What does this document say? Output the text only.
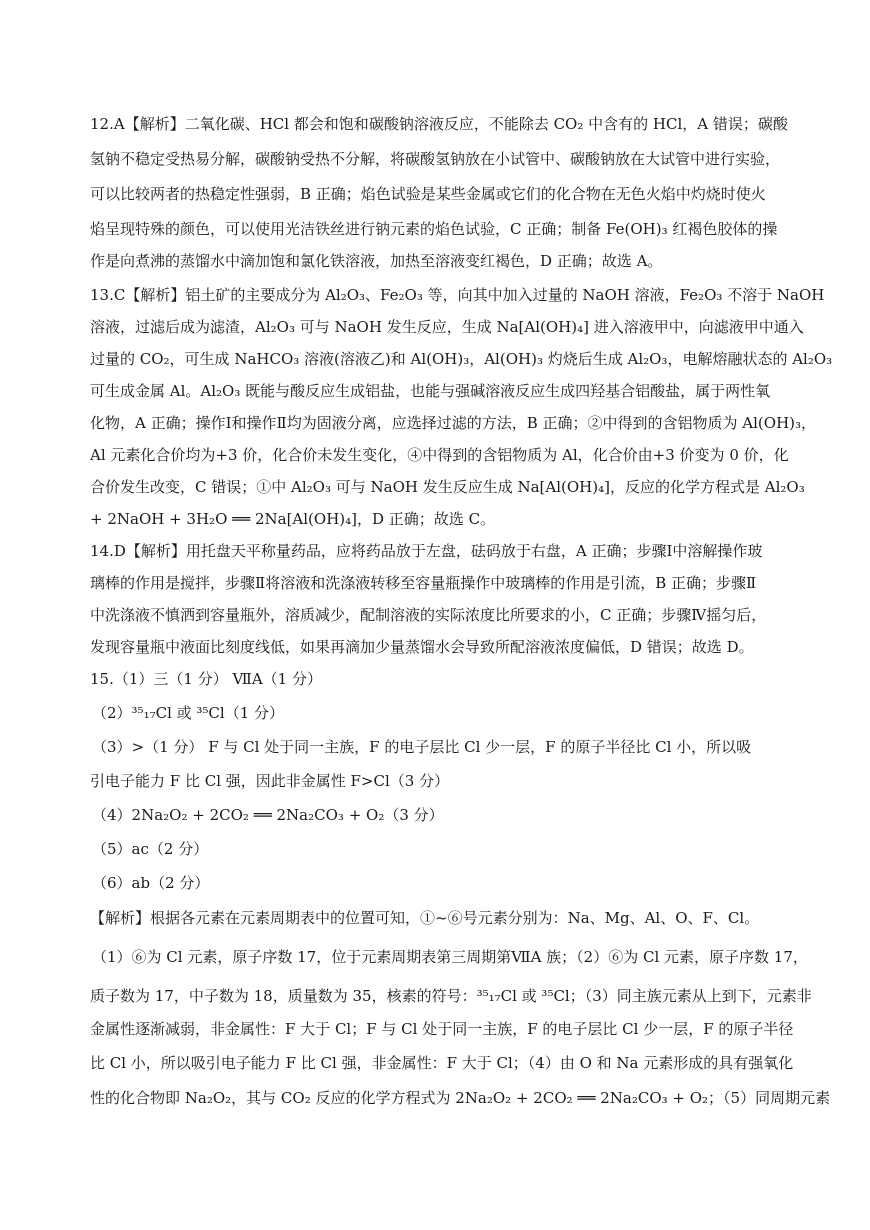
12.A【解析】二氧化碳、HCl 都会和饱和碳酸钠溶液反应，不能除去 CO₂ 中含有的 HCl，A 错误；碳酸
氢钠不稳定受热易分解，碳酸钠受热不分解，将碳酸氢钠放在小试管中、碳酸钠放在大试管中进行实验，
可以比较两者的热稳定性强弱，B 正确；焰色试验是某些金属或它们的化合物在无色火焰中灼烧时使火
焰呈现特殊的颜色，可以使用光洁铁丝进行钠元素的焰色试验，C 正确；制备 Fe(OH)₃ 红褐色胶体的操
作是向煮沸的蒸馏水中滴加饱和氯化铁溶液，加热至溶液变红褐色，D 正确；故选 A。
13.C【解析】铝土矿的主要成分为 Al₂O₃、Fe₂O₃ 等，向其中加入过量的 NaOH 溶液，Fe₂O₃ 不溶于 NaOH
溶液，过滤后成为滤渣，Al₂O₃ 可与 NaOH 发生反应，生成 Na[Al(OH)₄] 进入溶液甲中，向滤液甲中通入
过量的 CO₂，可生成 NaHCO₃ 溶液(溶液乙)和 Al(OH)₃，Al(OH)₃ 灼烧后生成 Al₂O₃，电解熔融状态的 Al₂O₃
可生成金属 Al。Al₂O₃ 既能与酸反应生成铝盐，也能与强碱溶液反应生成四羟基合铝酸盐，属于两性氧
化物，A 正确；操作Ⅰ和操作Ⅱ均为固液分离，应选择过滤的方法，B 正确；②中得到的含铝物质为 Al(OH)₃，
Al 元素化合价均为+3 价，化合价未发生变化，④中得到的含铝物质为 Al，化合价由+3 价变为 0 价，化
合价发生改变，C 错误；①中 Al₂O₃ 可与 NaOH 发生反应生成 Na[Al(OH)₄]，反应的化学方程式是 Al₂O₃
+ 2NaOH + 3H₂O ══ 2Na[Al(OH)₄]，D 正确；故选 C。
14.D【解析】用托盘天平称量药品，应将药品放于左盘，砝码放于右盘，A 正确；步骤Ⅰ中溶解操作玻
璃棒的作用是搅拌，步骤Ⅱ将溶液和洗涤液转移至容量瓶操作中玻璃棒的作用是引流，B 正确；步骤Ⅱ
中洗涤液不慎洒到容量瓶外，溶质减少，配制溶液的实际浓度比所要求的小，C 正确；步骤Ⅳ摇匀后，
发现容量瓶中液面比刻度线低，如果再滴加少量蒸馏水会导致所配溶液浓度偏低，D 错误；故选 D。
15.（1）三（1 分） ⅦA（1 分）
（2）³⁵₁₇Cl 或 ³⁵Cl（1 分）
（3）>（1 分） F 与 Cl 处于同一主族，F 的电子层比 Cl 少一层，F 的原子半径比 Cl 小，所以吸
引电子能力 F 比 Cl 强，因此非金属性 F>Cl（3 分）
（4）2Na₂O₂ + 2CO₂ ══ 2Na₂CO₃ + O₂（3 分）
（5）ac（2 分）
（6）ab（2 分）
【解析】根据各元素在元素周期表中的位置可知，①~⑥号元素分别为：Na、Mg、Al、O、F、Cl。
（1）⑥为 Cl 元素，原子序数 17，位于元素周期表第三周期第ⅦA 族；（2）⑥为 Cl 元素，原子序数 17，
质子数为 17，中子数为 18，质量数为 35，核素的符号：³⁵₁₇Cl 或 ³⁵Cl；（3）同主族元素从上到下，元素非
金属性逐渐减弱，非金属性：F 大于 Cl；F 与 Cl 处于同一主族，F 的电子层比 Cl 少一层，F 的原子半径
比 Cl 小，所以吸引电子能力 F 比 Cl 强，非金属性：F 大于 Cl；（4）由 O 和 Na 元素形成的具有强氧化
性的化合物即 Na₂O₂，其与 CO₂ 反应的化学方程式为 2Na₂O₂ + 2CO₂ ══ 2Na₂CO₃ + O₂；（5）同周期元素
